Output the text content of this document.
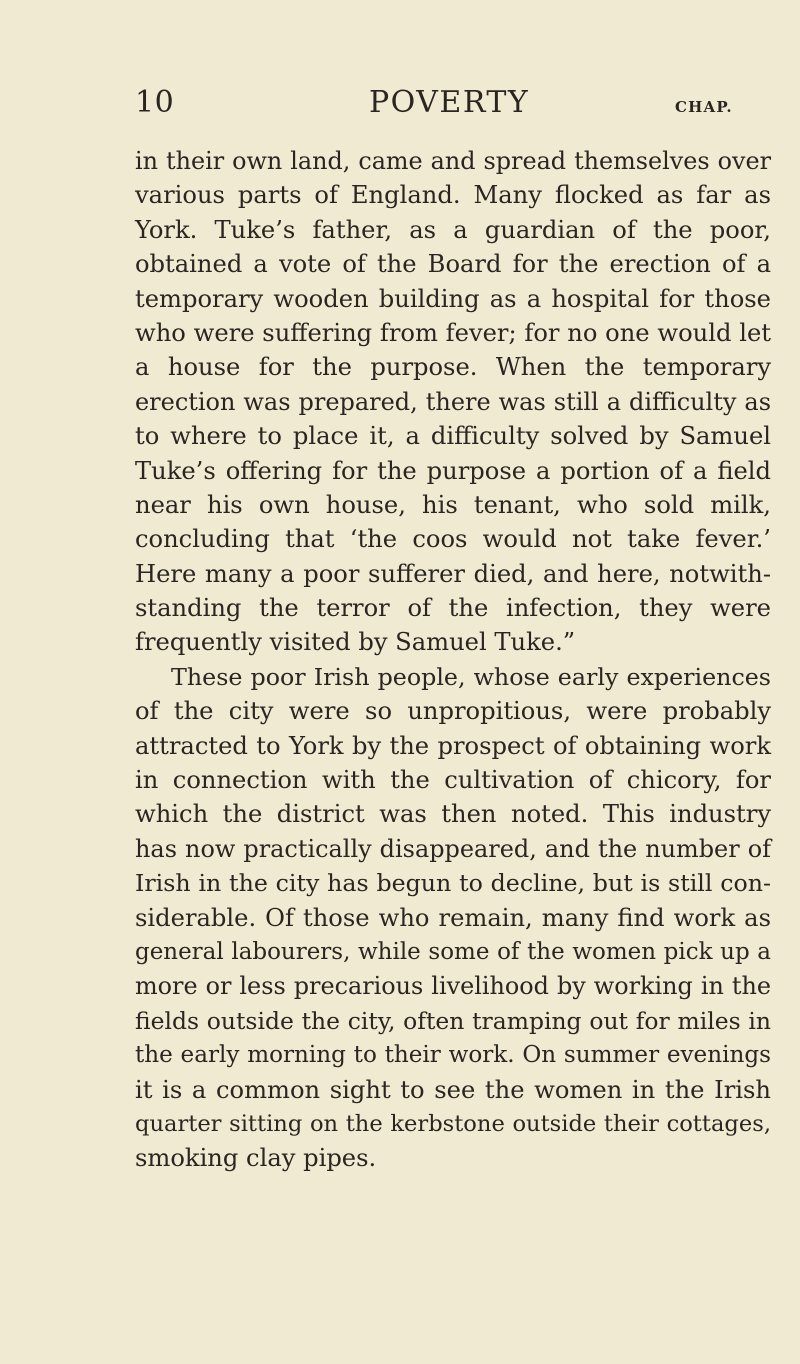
10	POVERTY	CHAP.
in their own land, came and spread themselves over
various parts of England. Many flocked as far as
York. Tuke’s father, as a guardian of the poor,
obtained a vote of the Board for the erection of a
temporary wooden building as a hospital for those
who were suffering from fever; for no one would let
a house for the purpose. When the temporary
erection was prepared, there was still a difficulty as
to where to place it, a difficulty solved by Samuel
Tuke’s offering for the purpose a portion of a field
near his own house, his tenant, who sold milk,
concluding that ‘the coos would not take fever.’
Here many a poor sufferer died, and here, notwith-
standing the terror of the infection, they were
frequently visited by Samuel Tuke.”
These poor Irish people, whose early experiences
of the city were so unpropitious, were probably
attracted to York by the prospect of obtaining work
in connection with the cultivation of chicory, for
which the district was then noted. This industry
has now practically disappeared, and the number of
Irish in the city has begun to decline, but is still con-
siderable. Of those who remain, many find work as
general labourers, while some of the women pick up a
more or less precarious livelihood by working in the
fields outside the city, often tramping out for miles in
the early morning to their work. On summer evenings
it is a common sight to see the women in the Irish
quarter sitting on the kerbstone outside their cottages,
smoking clay pipes.
